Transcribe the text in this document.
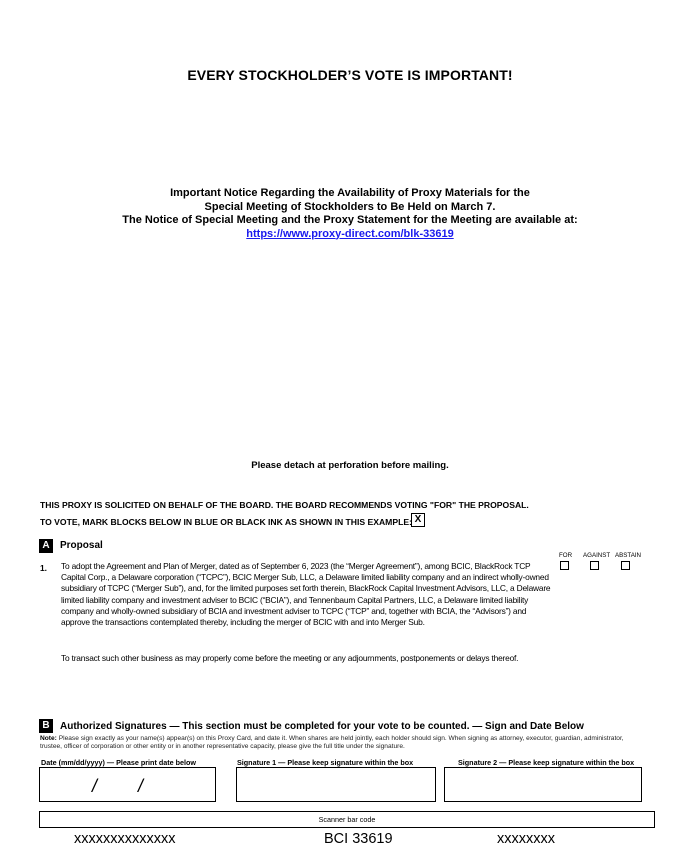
EVERY STOCKHOLDER’S VOTE IS IMPORTANT!
Important Notice Regarding the Availability of Proxy Materials for the
Special Meeting of Stockholders to Be Held on March 7.
The Notice of Special Meeting and the Proxy Statement for the Meeting are available at:
https://www.proxy-direct.com/blk-33619
Please detach at perforation before mailing.
THIS PROXY IS SOLICITED ON BEHALF OF THE BOARD. THE BOARD RECOMMENDS VOTING "FOR" THE PROPOSAL.
TO VOTE, MARK BLOCKS BELOW IN BLUE OR BLACK INK AS SHOWN IN THIS EXAMPLE: X
A	Proposal
FOR AGAINST ABSTAIN
1. To adopt the Agreement and Plan of Merger, dated as of September 6, 2023 (the “Merger Agreement”), among BCIC, BlackRock TCP Capital Corp., a Delaware corporation (“TCPC”), BCIC Merger Sub, LLC, a Delaware limited liability company and an indirect wholly-owned subsidiary of TCPC (“Merger Sub”), and, for the limited purposes set forth therein, BlackRock Capital Investment Advisors, LLC, a Delaware limited liability company and investment adviser to BCIC (“BCIA”), and Tennenbaum Capital Partners, LLC, a Delaware limited liability company and wholly-owned subsidiary of BCIA and investment adviser to TCPC (“TCP” and, together with BCIA, the “Advisors”) and approve the transactions contemplated thereby, including the merger of BCIC with and into Merger Sub.
To transact such other business as may properly come before the meeting or any adjournments, postponements or delays thereof.
B	Authorized Signatures — This section must be completed for your vote to be counted. — Sign and Date Below
Note: Please sign exactly as your name(s) appear(s) on this Proxy Card, and date it. When shares are held jointly, each holder should sign. When signing as attorney, executor, guardian, administrator, trustee, officer of corporation or other entity or in another representative capacity, please give the full title under the signature.
Date (mm/dd/yyyy) — Please print date below	Signature 1 — Please keep signature within the box	Signature 2 — Please keep signature within the box
/ /
Scanner bar code
xxxxxxxxxxxxxx	BCI 33619	xxxxxxxx
